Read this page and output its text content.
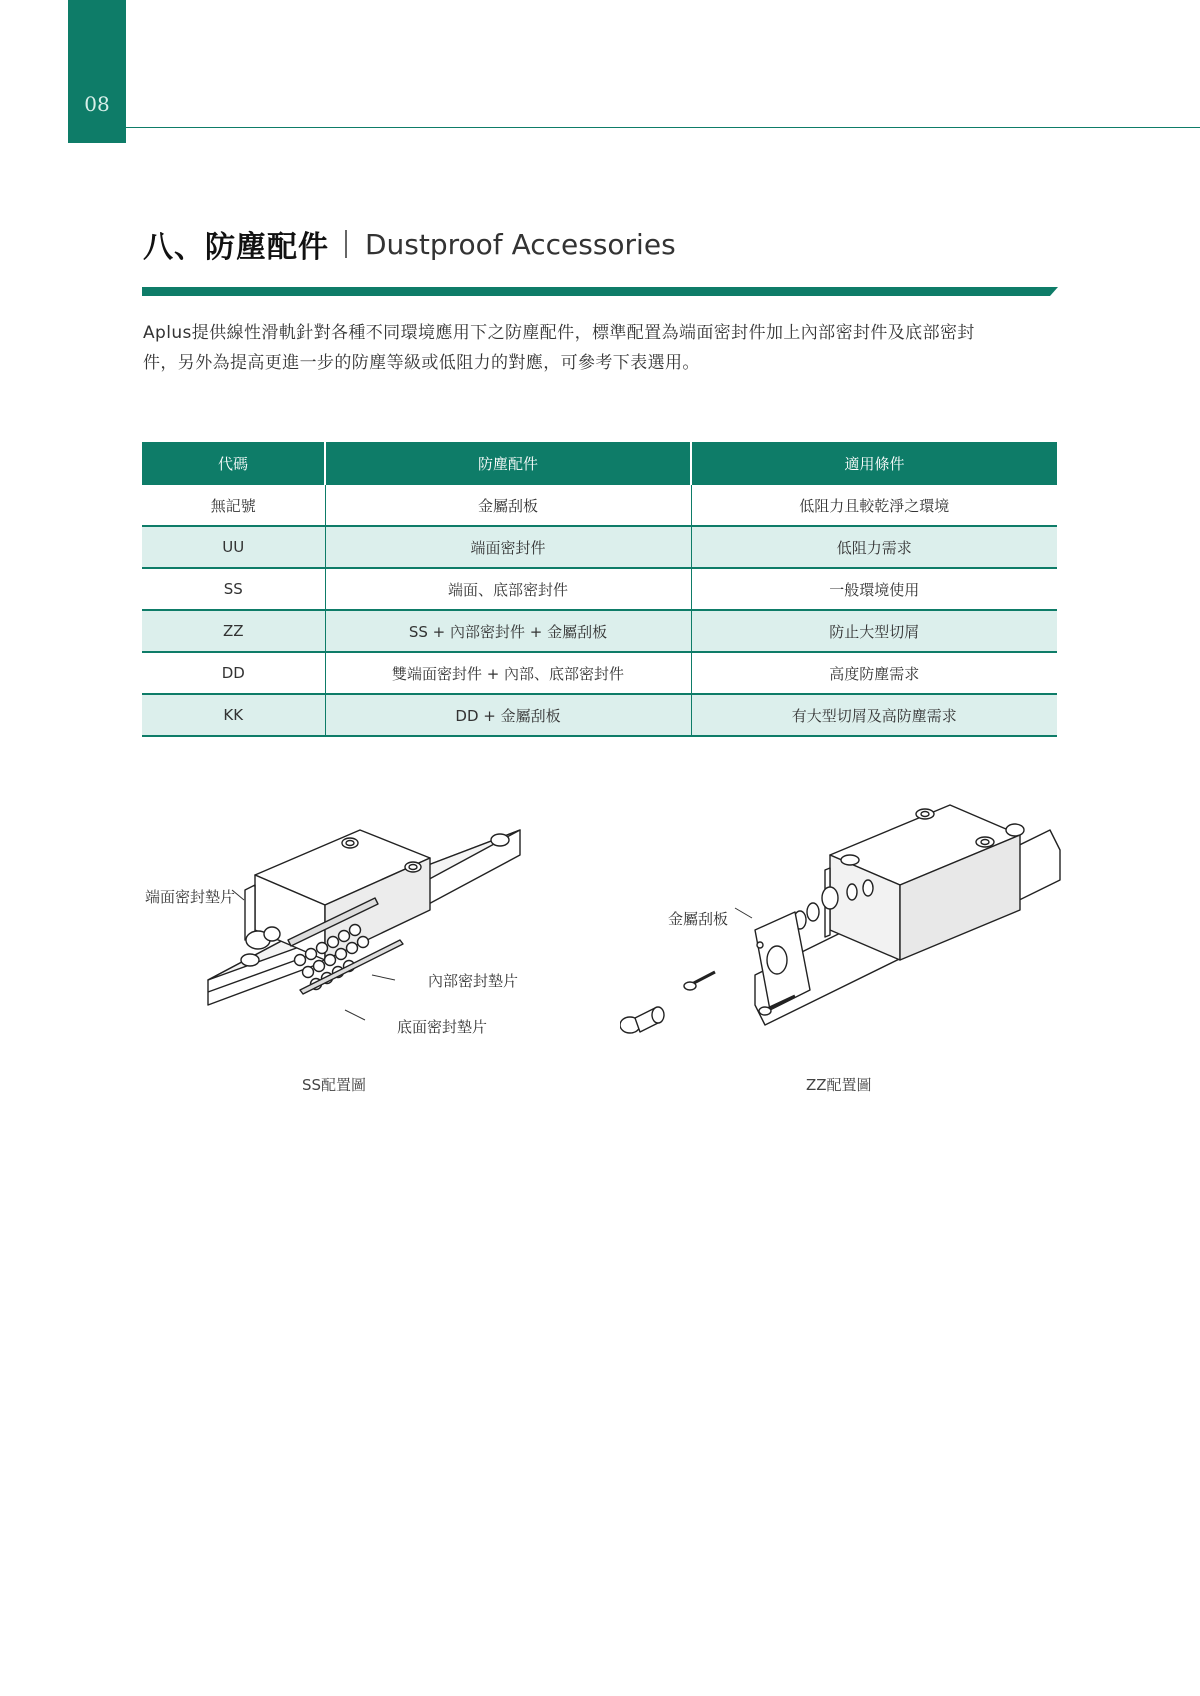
08
八、防塵配件 Dustproof Accessories

Aplus提供線性滑軌針對各種不同環境應用下之防塵配件，標準配置為端面密封件加上內部密封件及底部密封

件，另外為提高更進一步的防塵等級或低阻力的對應，可參考下表選用。

代碼	防塵配件	適用條件
無記號	金屬刮板	低阻力且較乾淨之環境
UU	端面密封件	低阻力需求
SS	端面、底部密封件	一般環境使用
ZZ	SS + 內部密封件 + 金屬刮板	防止大型切屑
DD	雙端面密封件 + 內部、底部密封件	高度防塵需求
KK	DD + 金屬刮板	有大型切屑及高防塵需求
端面密封墊片
內部密封墊片
底面密封墊片
SS配置圖
金屬刮板
ZZ配置圖
